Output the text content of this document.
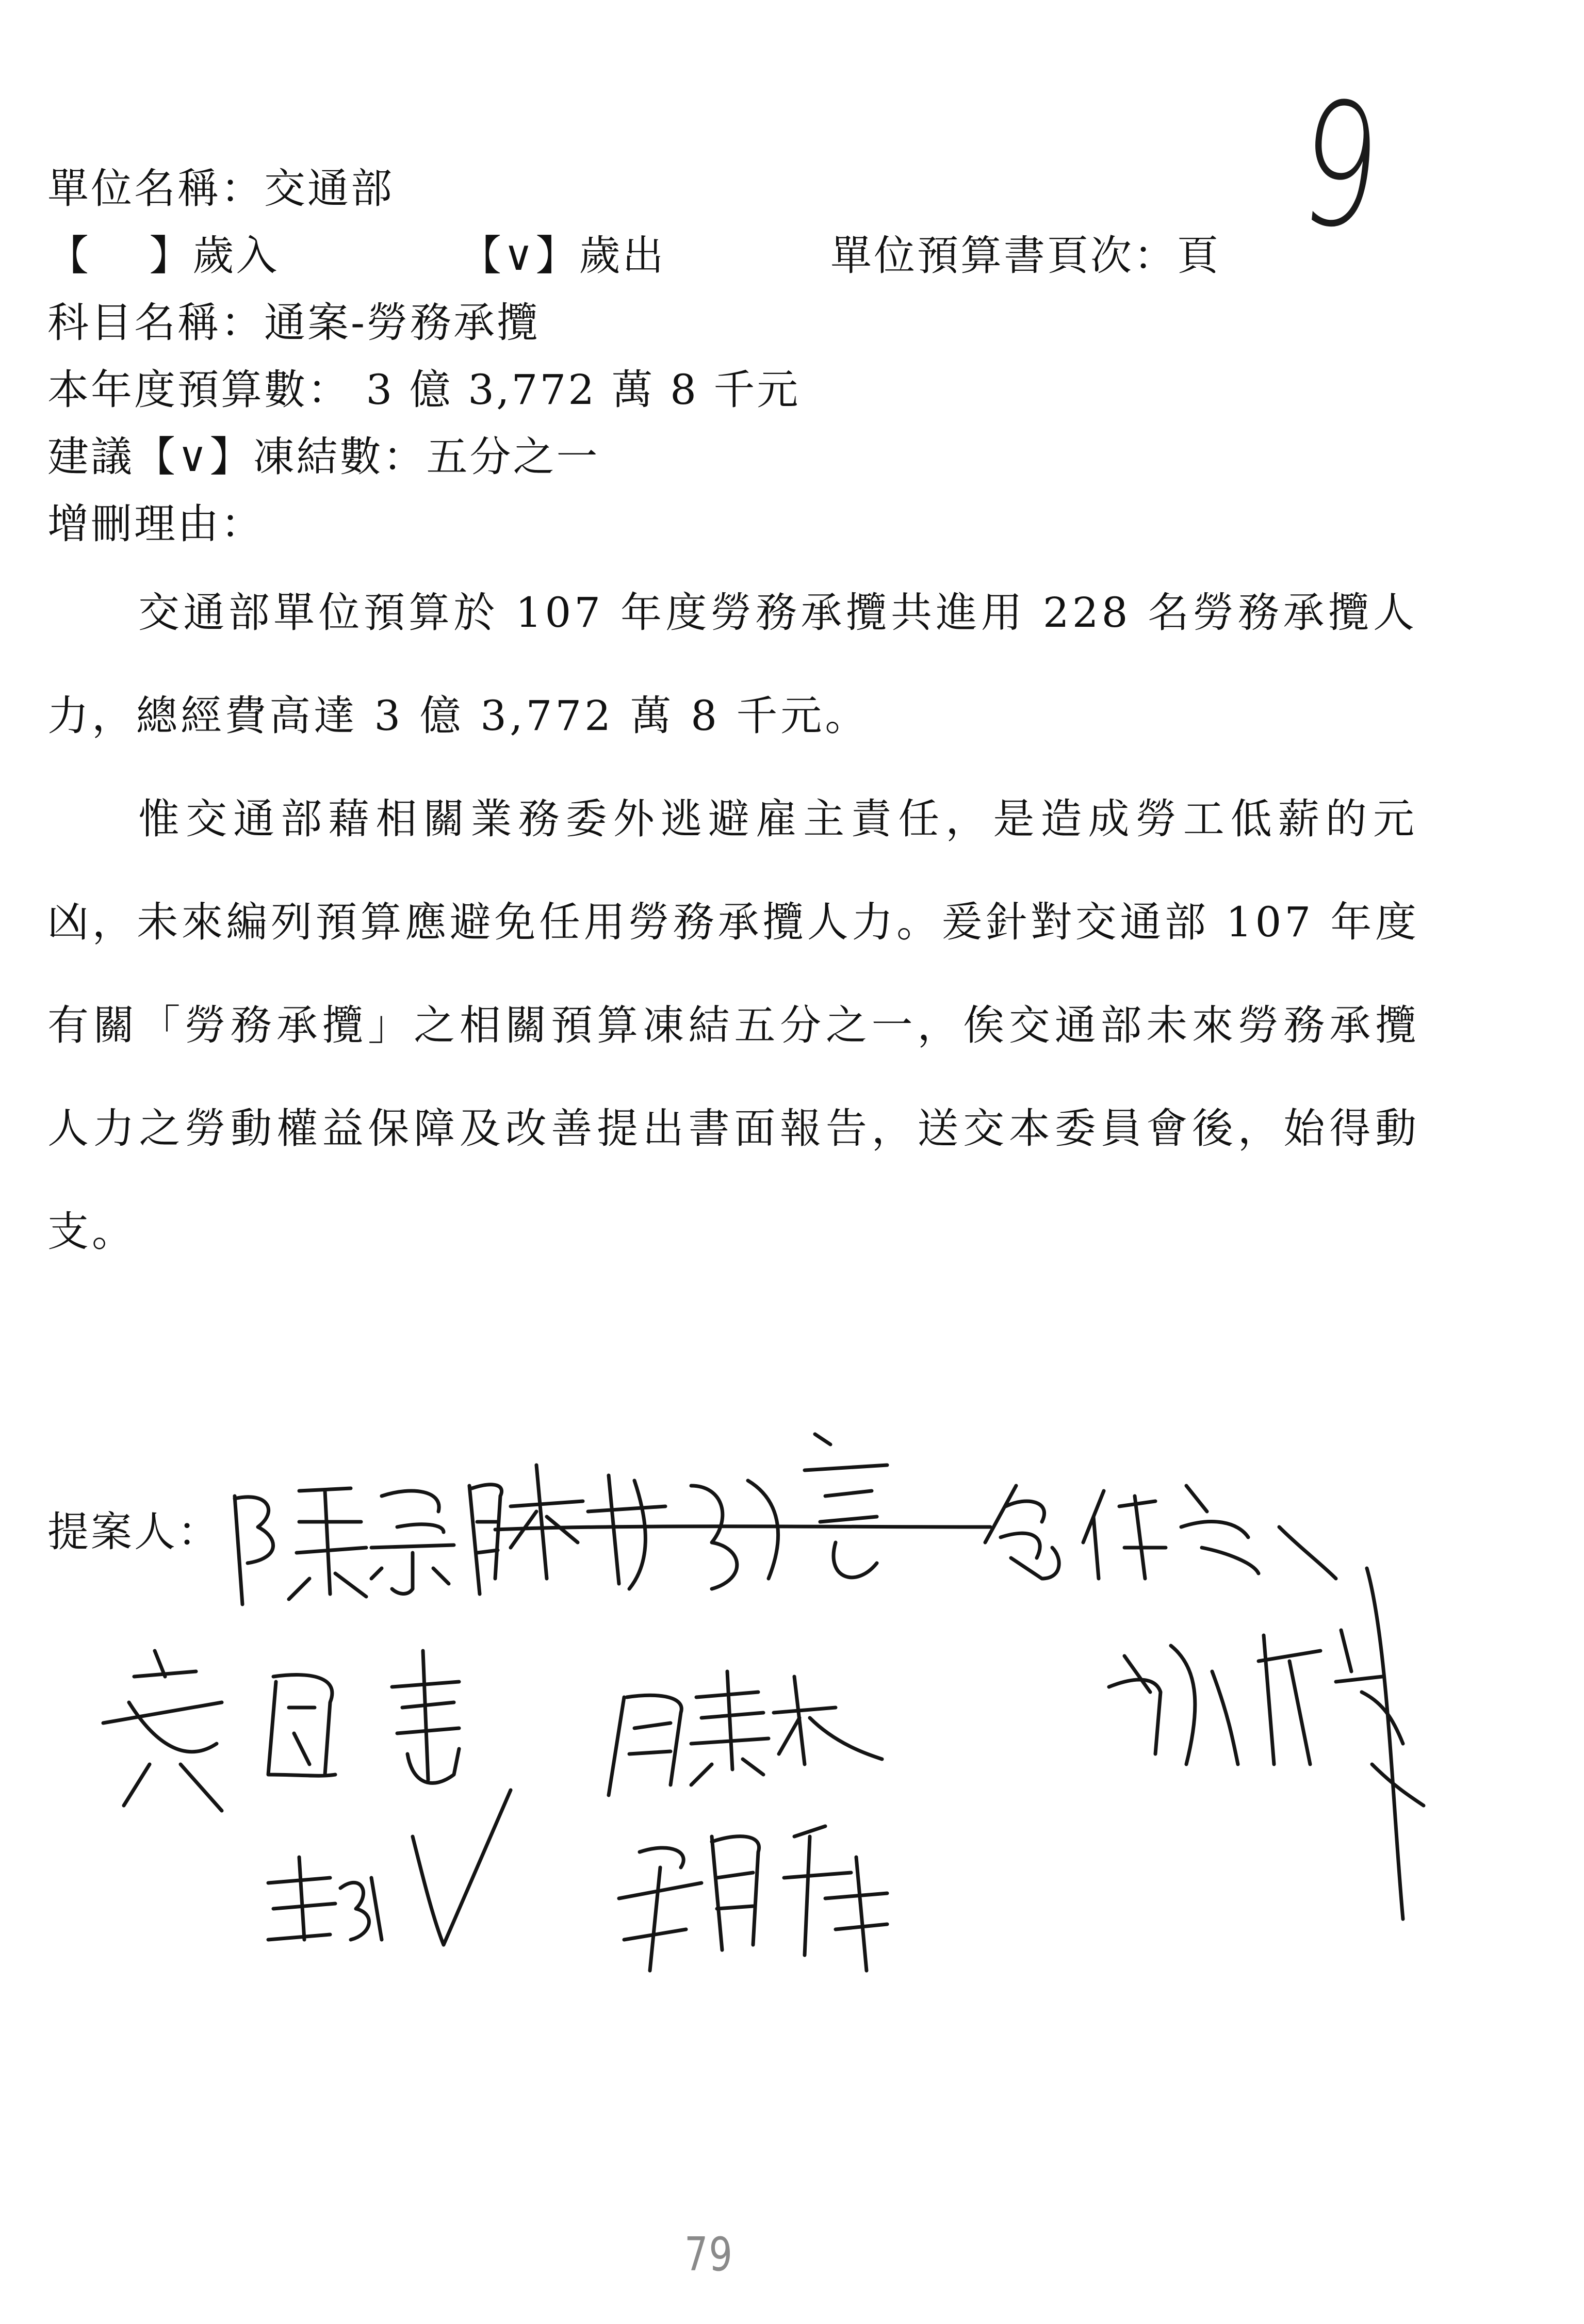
9
單位名稱：交通部
【　 】歲入	【∨】歲出	單位預算書頁次：頁
科目名稱：通案-勞務承攬
本年度預算數： 3 億 3,772 萬 8 千元
建議【∨】凍結數：五分之一
增刪理由：
交通部單位預算於 107 年度勞務承攬共進用 228 名勞務承攬人
力，總經費高達 3 億 3,772 萬 8 千元。
惟交通部藉相關業務委外逃避雇主責任，是造成勞工低薪的元
凶，未來編列預算應避免任用勞務承攬人力。爰針對交通部 107 年度
有關「勞務承攬」之相關預算凍結五分之一，俟交通部未來勞務承攬
人力之勞動權益保障及改善提出書面報告，送交本委員會後，始得動
支。
提案人：
79
